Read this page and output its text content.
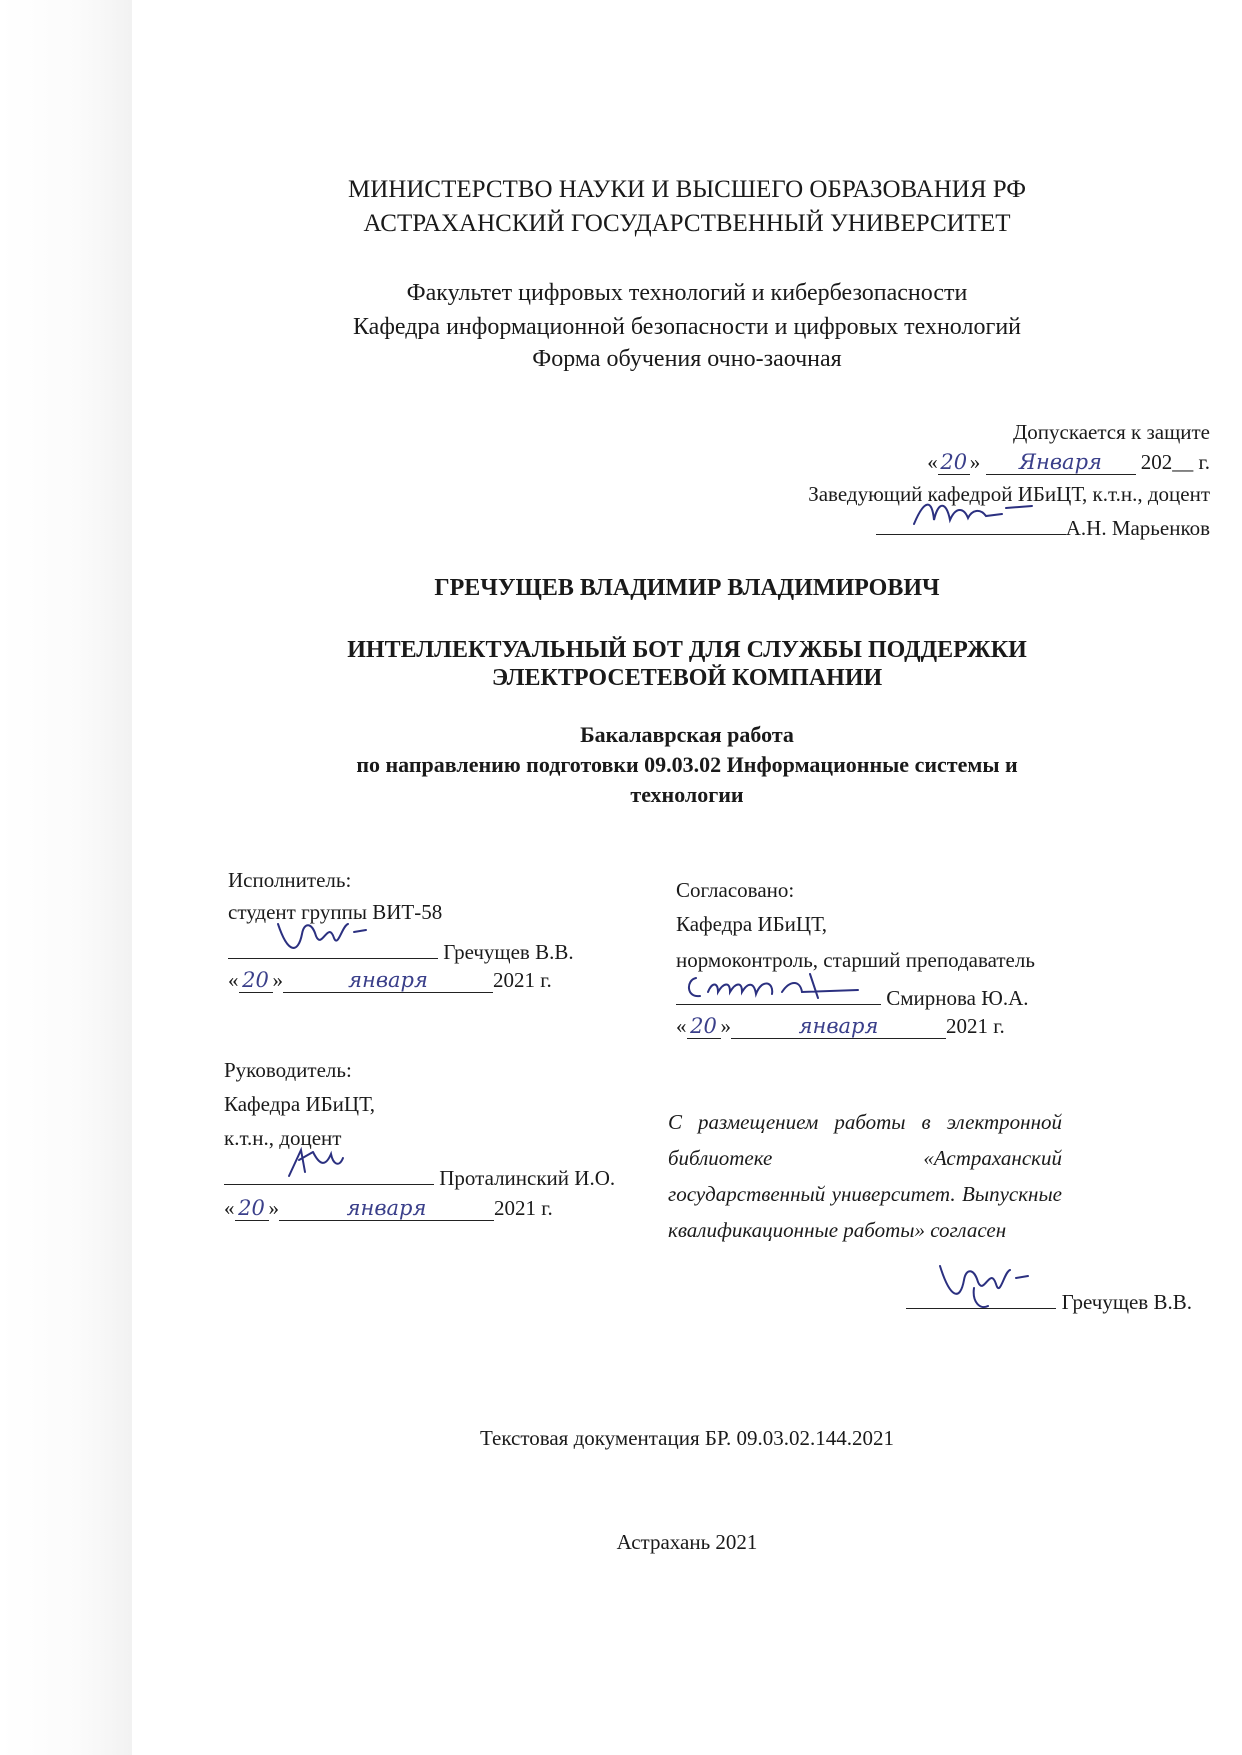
МИНИСТЕРСТВО НАУКИ И ВЫСШЕГО ОБРАЗОВАНИЯ РФ
АСТРАХАНСКИЙ ГОСУДАРСТВЕННЫЙ УНИВЕРСИТЕТ
Факультет цифровых технологий и кибербезопасности
Кафедра информационной безопасности и цифровых технологий
Форма обучения очно-заочная
Допускается к защите
« 20 » Января 202__ г.
Заведующий кафедрой ИБиЦТ, к.т.н., доцент
А.Н. Марьенков
ГРЕЧУЩЕВ ВЛАДИМИР ВЛАДИМИРОВИЧ
ИНТЕЛЛЕКТУАЛЬНЫЙ БОТ ДЛЯ СЛУЖБЫ ПОДДЕРЖКИ
ЭЛЕКТРОСЕТЕВОЙ КОМПАНИИ
Бакалаврская работа
по направлению подготовки 09.03.02 Информационные системы и
технологии
Исполнитель:
студент группы ВИТ-58
Гречущев В.В.
« 20 »	января	2021 г.
Согласовано:
Кафедра ИБиЦТ,
нормоконтроль, старший преподаватель
Смирнова Ю.А.
« 20 »	января	2021 г.
Руководитель:
Кафедра ИБиЦТ,
к.т.н., доцент
Проталинский И.О.
« 20 »	января	2021 г.
С размещением работы в электронной библиотеке «Астраханский государственный университет. Выпускные квалификационные работы» согласен
Гречущев В.В.
Текстовая документация БР. 09.03.02.144.2021
Астрахань 2021
